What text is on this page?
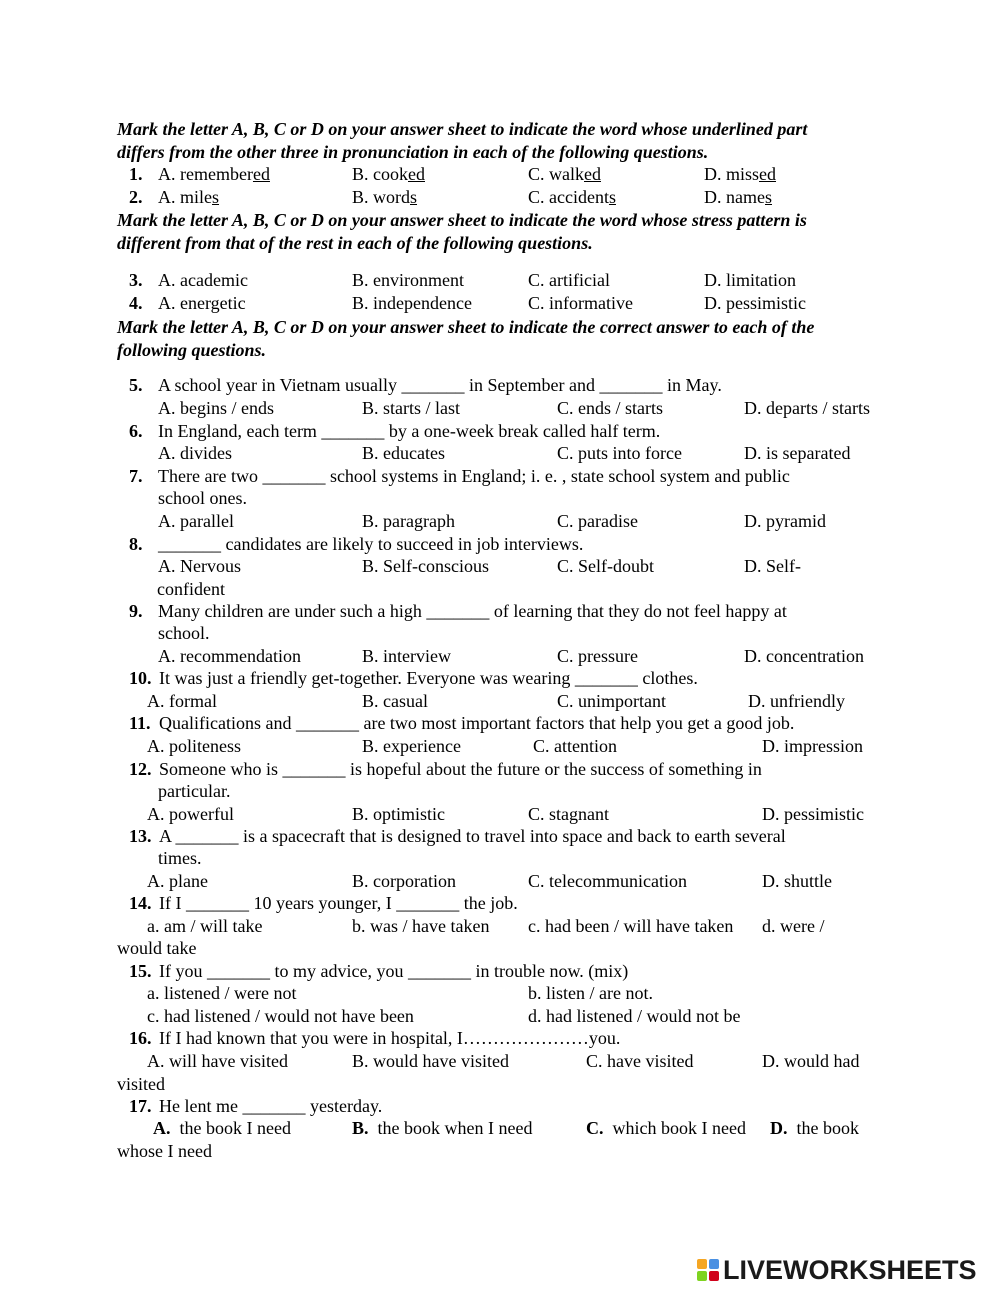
Mark the letter A, B, C or D on your answer sheet to indicate the word whose underlined part
differs from the other three in pronunciation in each of the following questions.
1. A. remembered	B. cooked	C. walked	D. missed
2. A. miles	B. words	C. accidents	D. names
Mark the letter A, B, C or D on your answer sheet to indicate the word whose stress pattern is
different from that of the rest in each of the following questions.
3. A. academic	B. environment	C. artificial	D. limitation
4. A. energetic	B. independence	C. informative	D. pessimistic
Mark the letter A, B, C or D on your answer sheet to indicate the correct answer to each of the
following questions.
5. A school year in Vietnam usually _______ in September and _______ in May.
A. begins / ends	B. starts / last	C. ends / starts	D. departs / starts
6. In England, each term _______ by a one-week break called half term.
A. divides	B. educates	C. puts into force	D. is separated
7. There are two _______ school systems in England; i. e. , state school system and public
school ones.
A. parallel	B. paragraph	C. paradise	D. pyramid
8. _______ candidates are likely to succeed in job interviews.
A. Nervous	B. Self-conscious	C. Self-doubt	D. Self-
confident
9. Many children are under such a high _______ of learning that they do not feel happy at
school.
A. recommendation	B. interview	C. pressure	D. concentration
10. It was just a friendly get-together. Everyone was wearing _______ clothes.
A. formal	B. casual	C. unimportant	D. unfriendly
11. Qualifications and _______ are two most important factors that help you get a good job.
A. politeness	B. experience	C. attention	D. impression
12. Someone who is _______ is hopeful about the future or the success of something in
particular.
A. powerful	B. optimistic	C. stagnant	D. pessimistic
13. A _______ is a spacecraft that is designed to travel into space and back to earth several
times.
A. plane	B. corporation	C. telecommunication	D. shuttle
14. If I _______ 10 years younger, I _______ the job.
a. am / will take	b. was / have taken c. had been / will have taken d. were /
would take
15. If you _______ to my advice, you _______ in trouble now. (mix)
a. listened / were not	b. listen / are not.
c. had listened / would not have been	d. had listened / would not be
16. If I had known that you were in hospital, I…………………you.
A. will have visited	B. would have visited	C. have visited	D. would had
visited
17. He lent me _______ yesterday.
A. the book I need	B. the book when I need	C. which book I need D. the book
whose I need
LIVEWORKSHEETS
